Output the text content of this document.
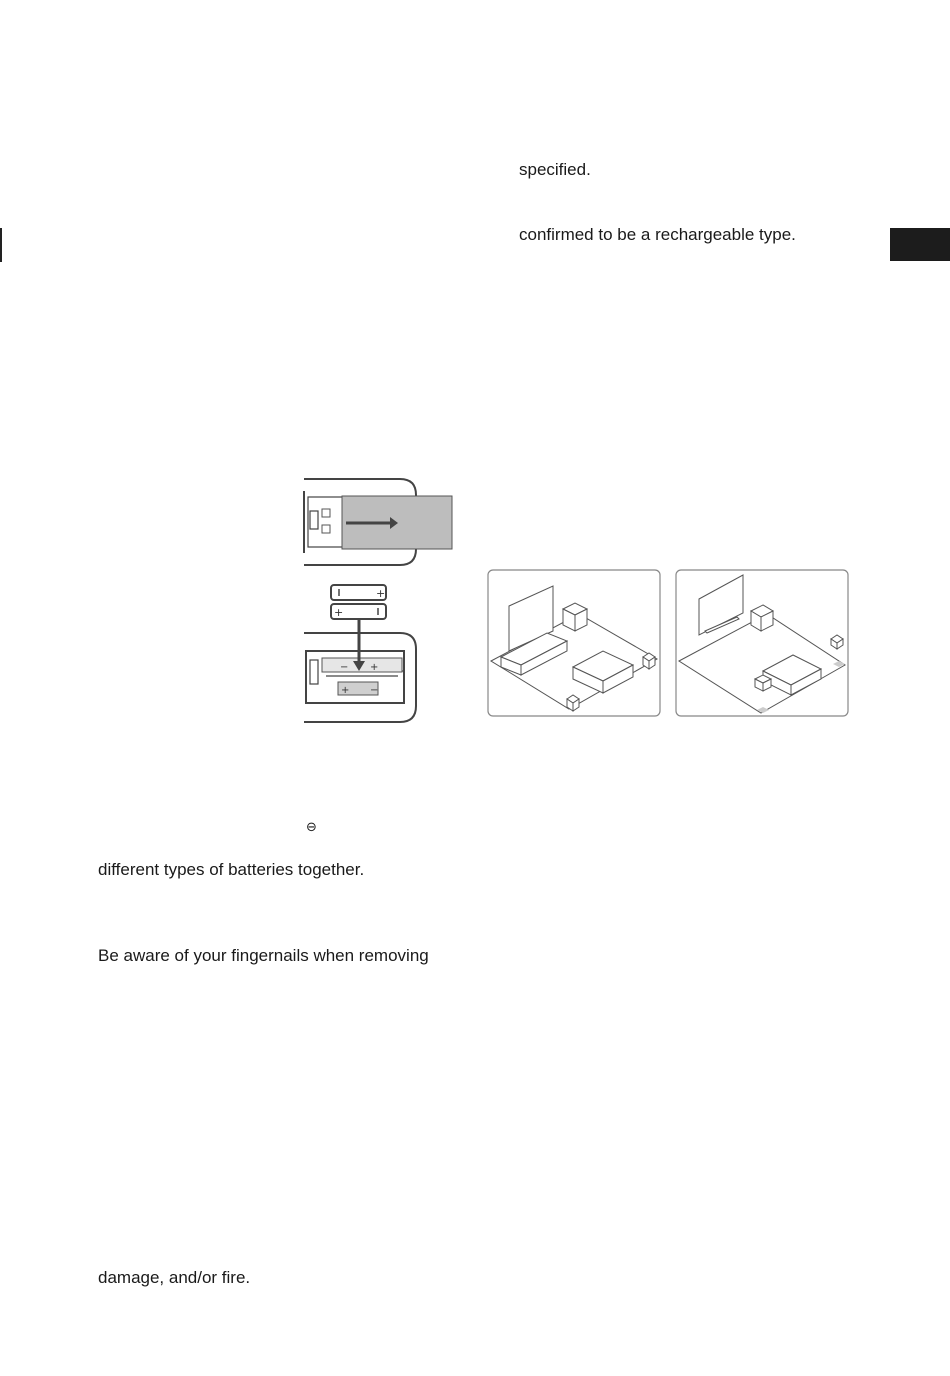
specified.
confirmed to be a rechargeable type.
+
+
− +
+ −
⊖
different types of batteries together.
Be aware of your fingernails when removing
damage, and/or fire.
